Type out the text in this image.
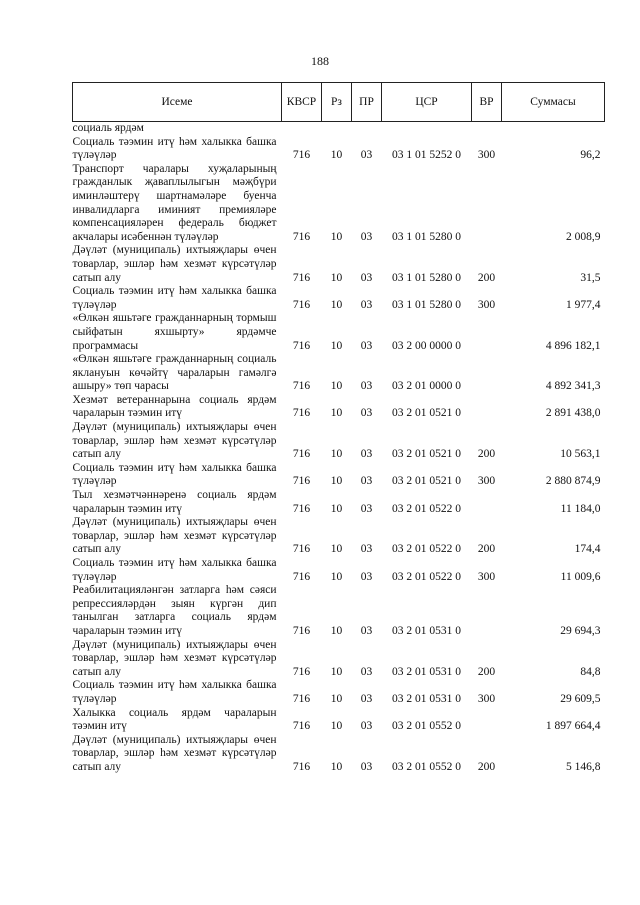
188
Исеме	КВСР	Рз	ПР	ЦСР	ВР	Суммасы
социаль ярдәм						
Социаль тәэмин итү һәм халыкка башка түләүләр	716	10	03	03 1 01 5252 0	300	96,2
Транспорт чаралары хуҗаларының гражданлык җаваплылыгын мәҗбүри иминләштерү шартнамәләре буенча инвалидларга иминият премияләре компенсацияләрен федераль бюджет акчалары исәбеннән түләүләр	716	10	03	03 1 01 5280 0		2 008,9
Дәүләт (муниципаль) ихтыяҗлары өчен товарлар, эшләр һәм хезмәт күрсәтүләр сатып алу	716	10	03	03 1 01 5280 0	200	31,5
Социаль тәэмин итү һәм халыкка башка түләүләр	716	10	03	03 1 01 5280 0	300	1 977,4
«Өлкән яшьтәге гражданнарның тормыш сыйфатын яхшырту» ярдәмче программасы	716	10	03	03 2 00 0000 0		4 896 182,1
«Өлкән яшьтәге гражданнарның социаль яклануын көчәйтү чараларын гамәлгә ашыру» төп чарасы	716	10	03	03 2 01 0000 0		4 892 341,3
Хезмәт ветераннарына социаль ярдәм чараларын тәэмин итү	716	10	03	03 2 01 0521 0		2 891 438,0
Дәүләт (муниципаль) ихтыяҗлары өчен товарлар, эшләр һәм хезмәт күрсәтүләр сатып алу	716	10	03	03 2 01 0521 0	200	10 563,1
Социаль тәэмин итү һәм халыкка башка түләүләр	716	10	03	03 2 01 0521 0	300	2 880 874,9
Тыл хезмәтчәннәренә социаль ярдәм чараларын тәэмин итү	716	10	03	03 2 01 0522 0		11 184,0
Дәүләт (муниципаль) ихтыяҗлары өчен товарлар, эшләр һәм хезмәт күрсәтүләр сатып алу	716	10	03	03 2 01 0522 0	200	174,4
Социаль тәэмин итү һәм халыкка башка түләүләр	716	10	03	03 2 01 0522 0	300	11 009,6
Реабилитацияләнгән затларга һәм сәяси репрессияләрдән зыян күргән дип танылган затларга социаль ярдәм чараларын тәэмин итү	716	10	03	03 2 01 0531 0		29 694,3
Дәүләт (муниципаль) ихтыяҗлары өчен товарлар, эшләр һәм хезмәт күрсәтүләр сатып алу	716	10	03	03 2 01 0531 0	200	84,8
Социаль тәэмин итү һәм халыкка башка түләүләр	716	10	03	03 2 01 0531 0	300	29 609,5
Халыкка социаль ярдәм чараларын тәэмин итү	716	10	03	03 2 01 0552 0		1 897 664,4
Дәүләт (муниципаль) ихтыяҗлары өчен товарлар, эшләр һәм хезмәт күрсәтүләр сатып алу	716	10	03	03 2 01 0552 0	200	5 146,8
